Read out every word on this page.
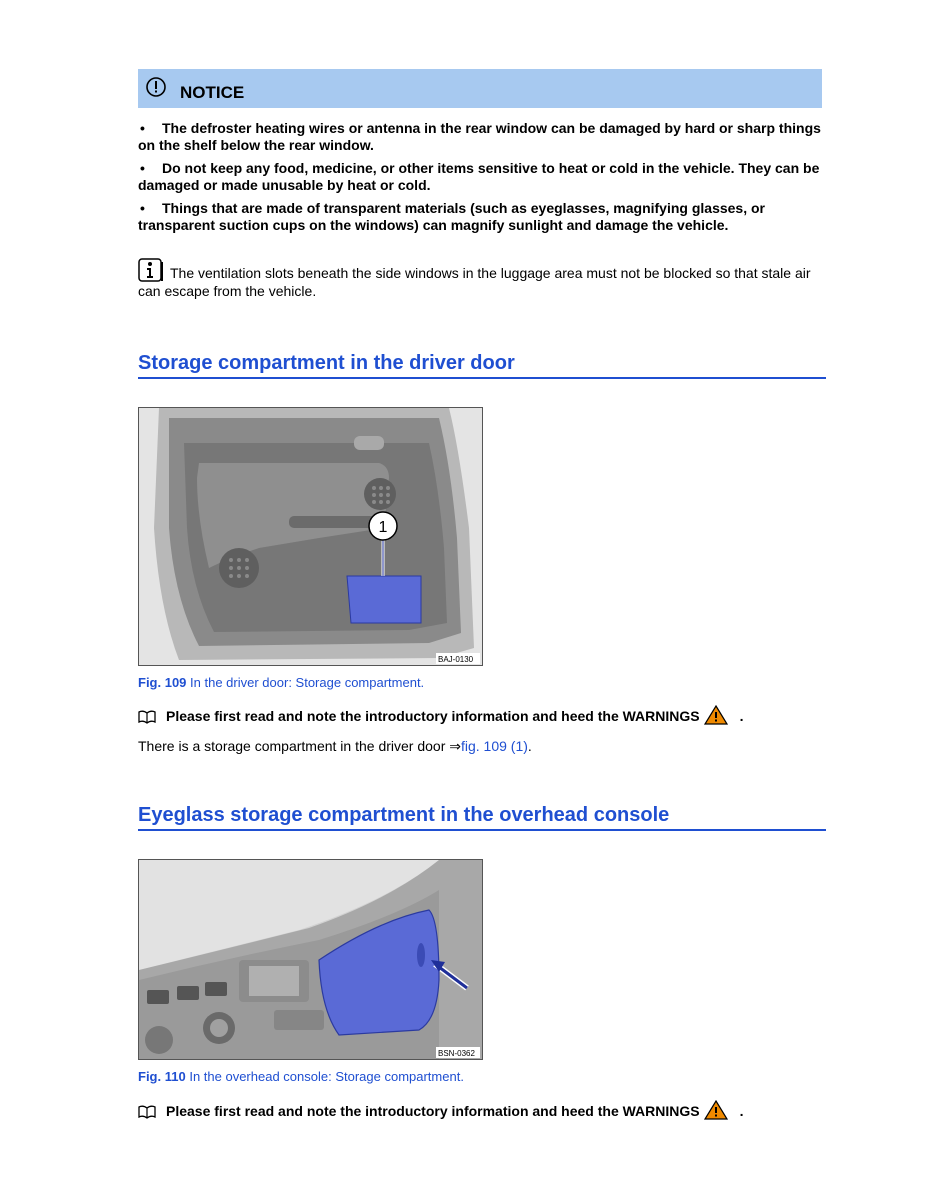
NOTICE
• The defroster heating wires or antenna in the rear window can be damaged by hard or sharp things on the shelf below the rear window.
• Do not keep any food, medicine, or other items sensitive to heat or cold in the vehicle. They can be damaged or made unusable by heat or cold.
• Things that are made of transparent materials (such as eyeglasses, magnifying glasses, or transparent suction cups on the windows) can magnify sunlight and damage the vehicle.
The ventilation slots beneath the side windows in the luggage area must not be blocked so that stale air can escape from the vehicle.
Storage compartment in the driver door
1
BAJ-0130
Fig. 109 In the driver door: Storage compartment.
Please first read and note the introductory information and heed the WARNINGS	.
There is a storage compartment in the driver door ⇒fig. 109 (1).
Eyeglass storage compartment in the overhead console
BSN-0362
Fig. 110 In the overhead console: Storage compartment.
Please first read and note the introductory information and heed the WARNINGS	.
